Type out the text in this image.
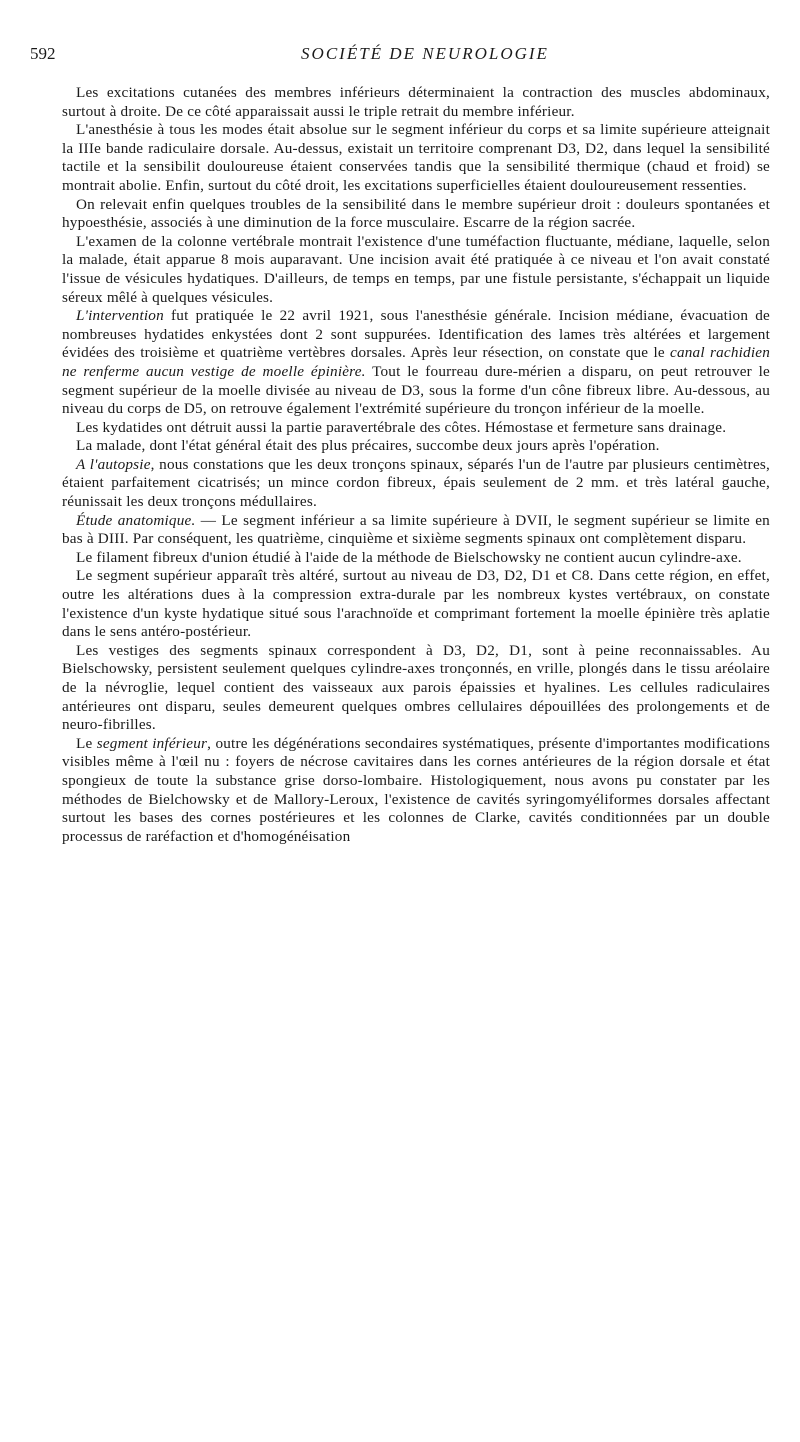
592	SOCIÉTÉ DE NEUROLOGIE

Les excitations cutanées des membres inférieurs déterminaient la contraction des muscles abdominaux, surtout à droite. De ce côté apparaissait aussi le triple retrait du membre inférieur.

L'anesthésie à tous les modes était absolue sur le segment inférieur du corps et sa limite supérieure atteignait la IIIe bande radiculaire dorsale. Au-dessus, existait un territoire comprenant D3, D2, dans lequel la sensibilité tactile et la sensibilit douloureuse étaient conservées tandis que la sensibilité thermique (chaud et froid) se montrait abolie. Enfin, surtout du côté droit, les excitations superficielles étaient douloureusement ressenties.

On relevait enfin quelques troubles de la sensibilité dans le membre supérieur droit : douleurs spontanées et hypoesthésie, associés à une diminution de la force musculaire. Escarre de la région sacrée.

L'examen de la colonne vertébrale montrait l'existence d'une tuméfaction fluctuante, médiane, laquelle, selon la malade, était apparue 8 mois auparavant. Une incision avait été pratiquée à ce niveau et l'on avait constaté l'issue de vésicules hydatiques. D'ailleurs, de temps en temps, par une fistule persistante, s'échappait un liquide séreux mêlé à quelques vésicules.

L'intervention fut pratiquée le 22 avril 1921, sous l'anesthésie générale. Incision médiane, évacuation de nombreuses hydatides enkystées dont 2 sont suppurées. Identification des lames très altérées et largement évidées des troisième et quatrième vertèbres dorsales. Après leur résection, on constate que le canal rachidien ne renferme aucun vestige de moelle épinière. Tout le fourreau dure-mérien a disparu, on peut retrouver le segment supérieur de la moelle divisée au niveau de D3, sous la forme d'un cône fibreux libre. Au-dessous, au niveau du corps de D5, on retrouve également l'extrémité supérieure du tronçon inférieur de la moelle.

Les kydatides ont détruit aussi la partie paravertébrale des côtes. Hémostase et fermeture sans drainage.

La malade, dont l'état général était des plus précaires, succombe deux jours après l'opération.

A l'autopsie, nous constations que les deux tronçons spinaux, séparés l'un de l'autre par plusieurs centimètres, étaient parfaitement cicatrisés; un mince cordon fibreux, épais seulement de 2 mm. et très latéral gauche, réunissait les deux tronçons médullaires.

Étude anatomique. — Le segment inférieur a sa limite supérieure à DVII, le segment supérieur se limite en bas à DIII. Par conséquent, les quatrième, cinquième et sixième segments spinaux ont complètement disparu.

Le filament fibreux d'union étudié à l'aide de la méthode de Bielschowsky ne contient aucun cylindre-axe.

Le segment supérieur apparaît très altéré, surtout au niveau de D3, D2, D1 et C8. Dans cette région, en effet, outre les altérations dues à la compression extra-durale par les nombreux kystes vertébraux, on constate l'existence d'un kyste hydatique situé sous l'arachnoïde et comprimant fortement la moelle épinière très aplatie dans le sens antéro-postérieur.

Les vestiges des segments spinaux correspondent à D3, D2, D1, sont à peine reconnaissables. Au Bielschowsky, persistent seulement quelques cylindre-axes tronçonnés, en vrille, plongés dans le tissu aréolaire de la névroglie, lequel contient des vaisseaux aux parois épaissies et hyalines. Les cellules radiculaires antérieures ont disparu, seules demeurent quelques ombres cellulaires dépouillées des prolongements et de neuro-fibrilles.

Le segment inférieur, outre les dégénérations secondaires systématiques, présente d'importantes modifications visibles même à l'œil nu : foyers de nécrose cavitaires dans les cornes antérieures de la région dorsale et état spongieux de toute la substance grise dorso-lombaire. Histologiquement, nous avons pu constater par les méthodes de Bielchowsky et de Mallory-Leroux, l'existence de cavités syringomyéliformes dorsales affectant surtout les bases des cornes postérieures et les colonnes de Clarke, cavités conditionnées par un double processus de raréfaction et d'homogénéisation
